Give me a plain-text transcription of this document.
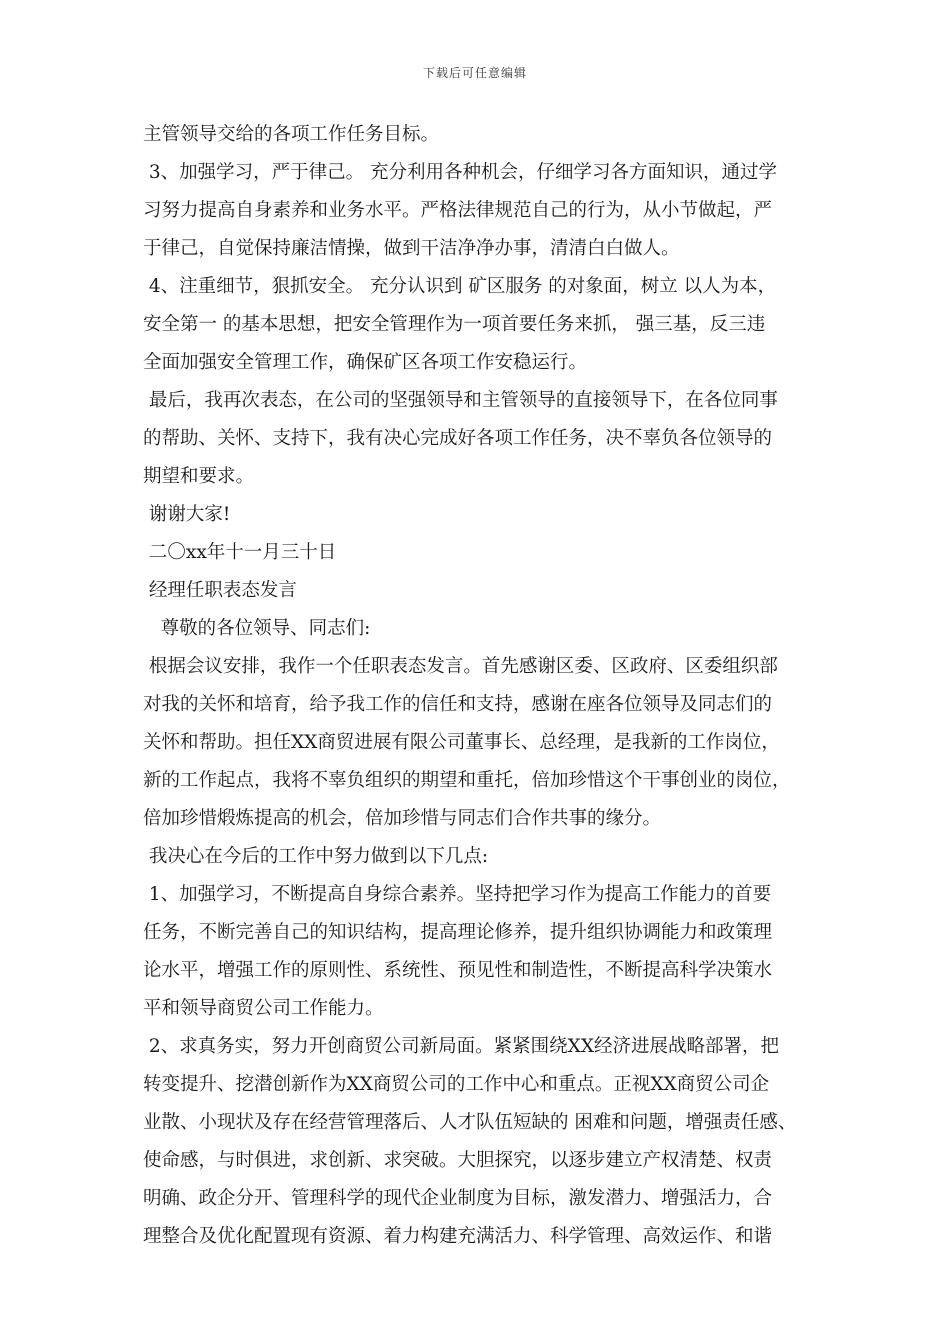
下载后可任意编辑
主管领导交给的各项工作任务目标。
3、加强学习，严于律己。 充分利用各种机会，仔细学习各方面知识，通过学
习努力提高自身素养和业务水平。严格法律规范自己的行为，从小节做起，严
于律己，自觉保持廉洁情操，做到干洁净净办事，清清白白做人。
4、注重细节，狠抓安全。 充分认识到 矿区服务 的对象面，树立 以人为本，
安全第一 的基本思想，把安全管理作为一项首要任务来抓， 强三基，反三违
全面加强安全管理工作，确保矿区各项工作安稳运行。
最后，我再次表态，在公司的坚强领导和主管领导的直接领导下，在各位同事
的帮助、关怀、支持下，我有决心完成好各项工作任务，决不辜负各位领导的
期望和要求。
谢谢大家!
二〇xx年十一月三十日
经理任职表态发言
尊敬的各位领导、同志们:
根据会议安排，我作一个任职表态发言。首先感谢区委、区政府、区委组织部
对我的关怀和培育，给予我工作的信任和支持，感谢在座各位领导及同志们的
关怀和帮助。担任XX商贸进展有限公司董事长、总经理，是我新的工作岗位，
新的工作起点，我将不辜负组织的期望和重托，倍加珍惜这个干事创业的岗位，
倍加珍惜煅炼提高的机会，倍加珍惜与同志们合作共事的缘分。
我决心在今后的工作中努力做到以下几点:
1、加强学习，不断提高自身综合素养。坚持把学习作为提高工作能力的首要
任务，不断完善自己的知识结构，提高理论修养，提升组织协调能力和政策理
论水平，增强工作的原则性、系统性、预见性和制造性，不断提高科学决策水
平和领导商贸公司工作能力。
2、求真务实，努力开创商贸公司新局面。紧紧围绕XX经济进展战略部署，把
转变提升、挖潜创新作为XX商贸公司的工作中心和重点。正视XX商贸公司企
业散、小现状及存在经营管理落后、人才队伍短缺的 困难和问题，增强责任感、
使命感，与时俱进，求创新、求突破。大胆探究，以逐步建立产权清楚、权责
明确、政企分开、管理科学的现代企业制度为目标，激发潜力、增强活力，合
理整合及优化配置现有资源、着力构建充满活力、科学管理、高效运作、和谐
